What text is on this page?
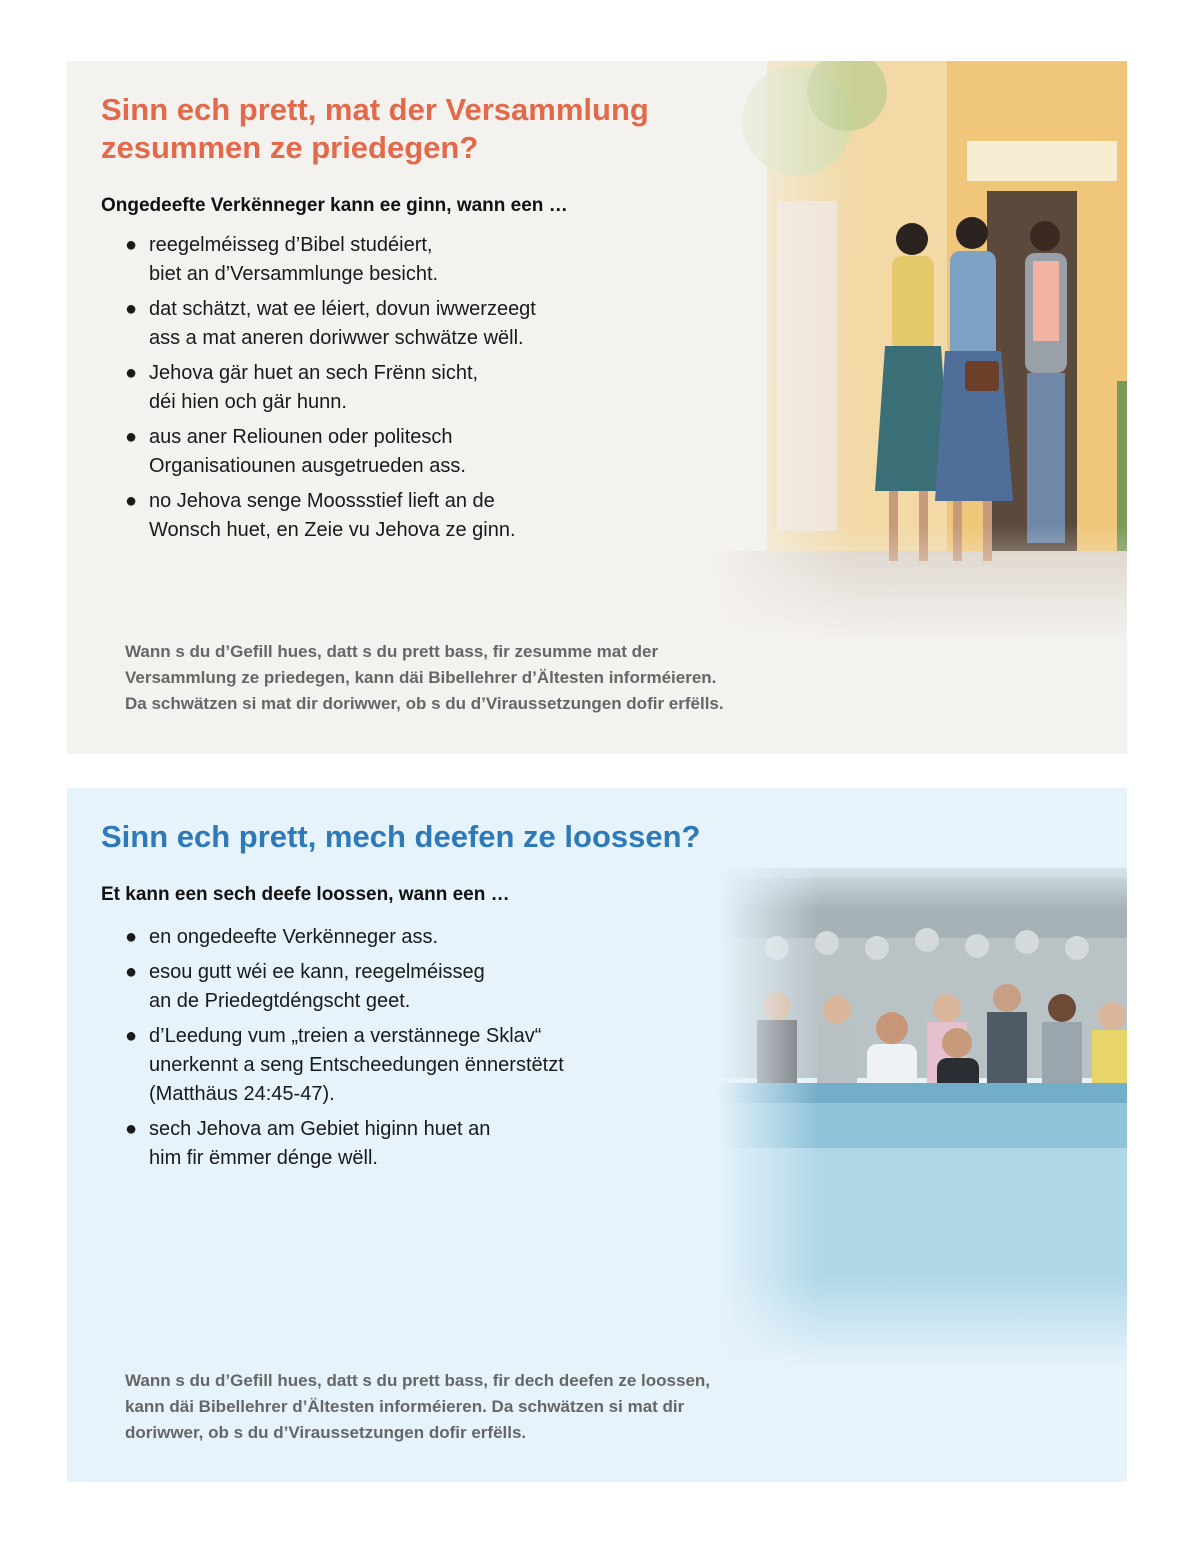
Sinn ech prett, mat der Versammlung zesummen ze priedegen?

Ongedeefte Verkënneger kann ee ginn, wann een …

● reegelméisseg d’Bibel studéiert,
biet an d’Versammlunge besicht.
● dat schätzt, wat ee léiert, dovun iwwerzeegt
ass a mat aneren doriwwer schwätze wëll.
● Jehova gär huet an sech Frënn sicht,
déi hien och gär hunn.
● aus aner Reliounen oder politesch
Organisatiounen ausgetrueden ass.
● no Jehova senge Moossstief lieft an de
Wonsch huet, en Zeie vu Jehova ze ginn.

Wann s du d’Gefill hues, datt s du prett bass, fir zesumme mat der
Versammlung ze priedegen, kann däi Bibellehrer d’Ältesten informéieren.
Da schwätzen si mat dir doriwwer, ob s du d’Viraussetzungen dofir erfëlls.

Sinn ech prett, mech deefen ze loossen?

Et kann een sech deefe loossen, wann een …

● en ongedeefte Verkënneger ass.
● esou gutt wéi ee kann, reegelméisseg
an de Priedegtdéngscht geet.
● d’Leedung vum „treien a verstännege Sklav“
unerkennt a seng Entscheedungen ënnerstëtzt
(Matthäus 24:45-47).
● sech Jehova am Gebiet higinn huet an
him fir ëmmer dénge wëll.

Wann s du d’Gefill hues, datt s du prett bass, fir dech deefen ze loossen,
kann däi Bibellehrer d’Ältesten informéieren. Da schwätzen si mat dir
doriwwer, ob s du d’Viraussetzungen dofir erfëlls.
